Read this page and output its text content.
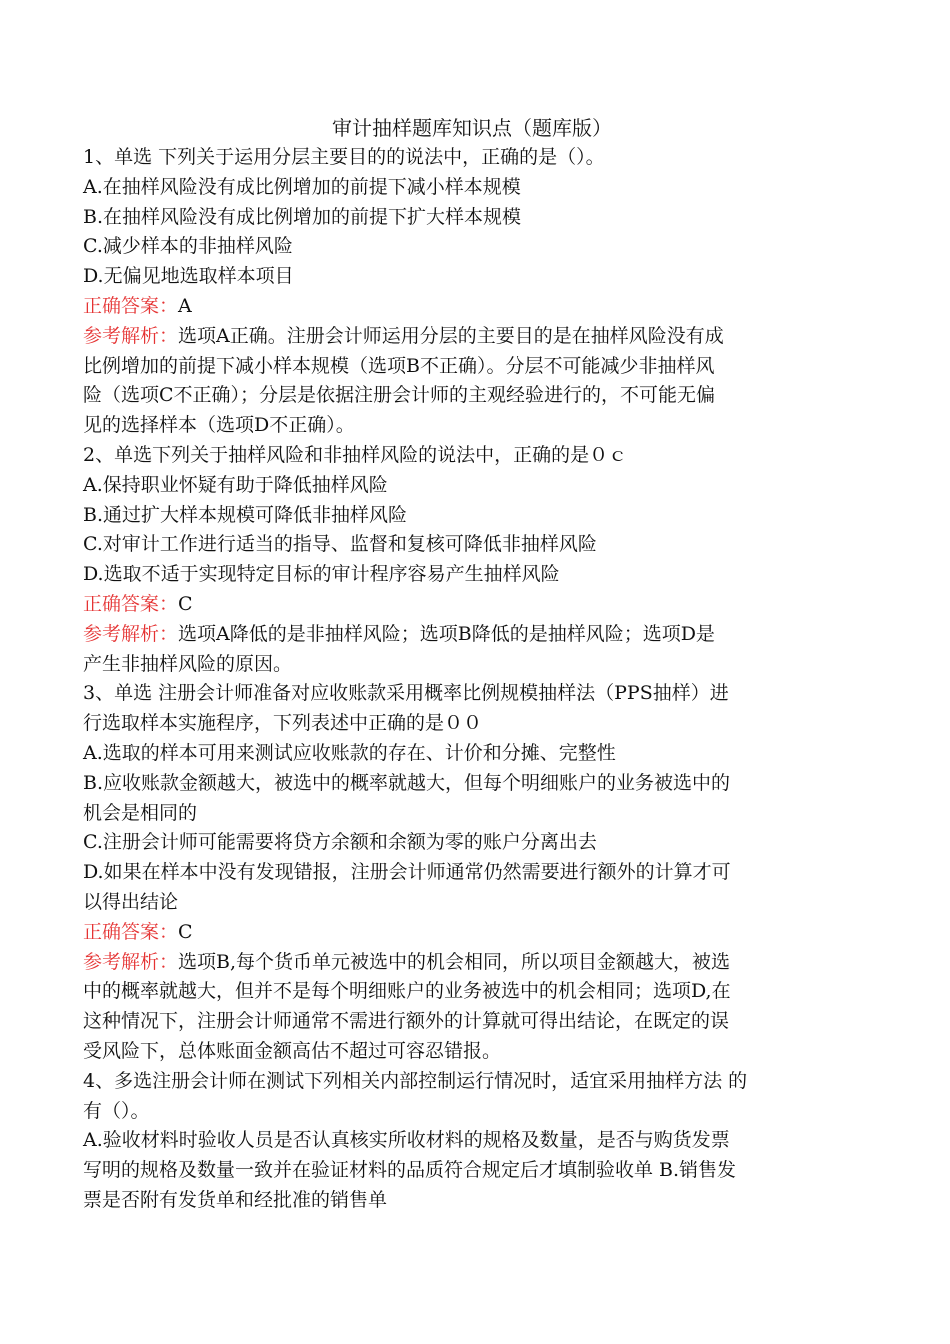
审计抽样题库知识点（题库版）

1、单选 下列关于运用分层主要目的的说法中，正确的是（）。

A.在抽样风险没有成比例增加的前提下减小样本规模

B.在抽样风险没有成比例增加的前提下扩大样本规模

C.减少样本的非抽样风险

D.无偏见地选取样本项目

正确答案：A

参考解析：选项A正确。注册会计师运用分层的主要目的是在抽样风险没有成

比例增加的前提下减小样本规模（选项B不正确）。分层不可能减少非抽样风

险（选项C不正确）；分层是依据注册会计师的主观经验进行的，不可能无偏

见的选择样本（选项D不正确）。

2、单选下列关于抽样风险和非抽样风险的说法中，正确的是０ｃ

A.保持职业怀疑有助于降低抽样风险

B.通过扩大样本规模可降低非抽样风险

C.对审计工作进行适当的指导、监督和复核可降低非抽样风险

D.选取不适于实现特定目标的审计程序容易产生抽样风险

正确答案：C

参考解析：选项A降低的是非抽样风险；选项B降低的是抽样风险；选项D是

产生非抽样风险的原因。

3、单选 注册会计师准备对应收账款采用概率比例规模抽样法（PPS抽样）进

行选取样本实施程序，下列表述中正确的是００

A.选取的样本可用来测试应收账款的存在、计价和分摊、完整性

B.应收账款金额越大，被选中的概率就越大，但每个明细账户的业务被选中的

机会是相同的

C.注册会计师可能需要将贷方余额和余额为零的账户分离出去

D.如果在样本中没有发现错报，注册会计师通常仍然需要进行额外的计算才可

以得出结论

正确答案：C

参考解析：选项B,每个货币单元被选中的机会相同，所以项目金额越大，被选

中的概率就越大，但并不是每个明细账户的业务被选中的机会相同；选项D,在

这种情况下，注册会计师通常不需进行额外的计算就可得出结论，在既定的误

受风险下，总体账面金额高估不超过可容忍错报。

4、多选注册会计师在测试下列相关内部控制运行情况时，适宜采用抽样方法 的

有（）。

A.验收材料时验收人员是否认真核实所收材料的规格及数量，是否与购货发票

写明的规格及数量一致并在验证材料的品质符合规定后才填制验收单 B.销售发

票是否附有发货单和经批准的销售单
